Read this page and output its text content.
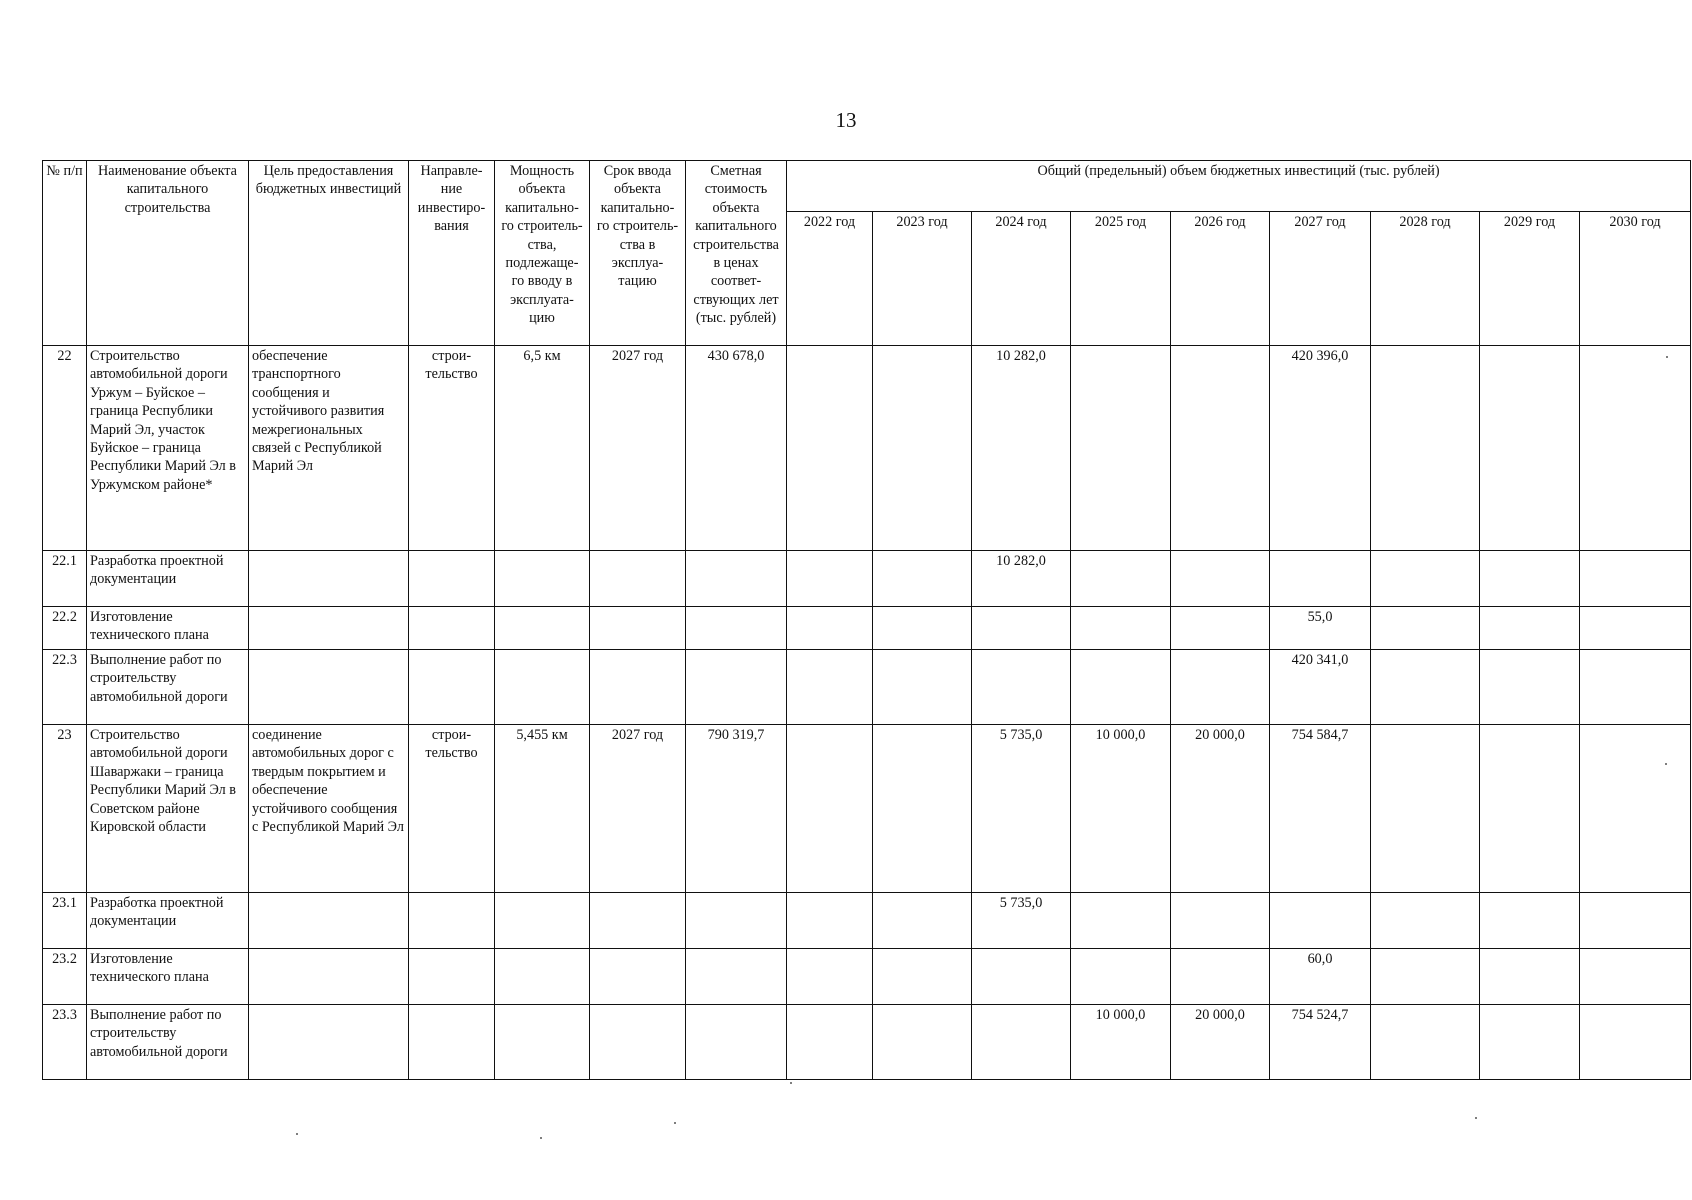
13
№ п/п	Наименование объекта капитального строительства	Цель предоставления бюджетных инвестиций	Направле- ние инвестиро- вания	Мощность объекта капитально- го строитель- ства, подлежаще- го вводу в эксплуата- цию	Срок ввода объекта капитально- го строитель- ства в эксплуа- тацию	Сметная стоимость объекта капитального строительства в ценах соответ- ствующих лет (тыс. рублей)	Общий (предельный) объем бюджетных инвестиций (тыс. рублей)								
							2022 год	2023 год	2024 год	2025 год	2026 год	2027 год	2028 год	2029 год	2030 год
22	Строительство автомобильной дороги Уржум – Буйское – граница Республики Марий Эл, участок Буйское – граница Республики Марий Эл в Уржумском районе*	обеспечение транспортного сообщения и устойчивого развития межрегиональных связей с Республикой Марий Эл	строи- тельство	6,5 км	2027 год	430 678,0			10 282,0			420 396,0			
22.1	Разработка проектной документации								10 282,0						
22.2	Изготовление технического плана											55,0			
22.3	Выполнение работ по строительству автомобильной дороги											420 341,0			
23	Строительство автомобильной дороги Шаваржаки – граница Республики Марий Эл в Советском районе Кировской области	соединение автомобильных дорог с твердым покрытием и обеспечение устойчивого сообщения с Республикой Марий Эл	строи- тельство	5,455 км	2027 год	790 319,7			5 735,0	10 000,0	20 000,0	754 584,7			
23.1	Разработка проектной документации								5 735,0						
23.2	Изготовление технического плана											60,0			
23.3	Выполнение работ по строительству автомобильной дороги									10 000,0	20 000,0	754 524,7			
